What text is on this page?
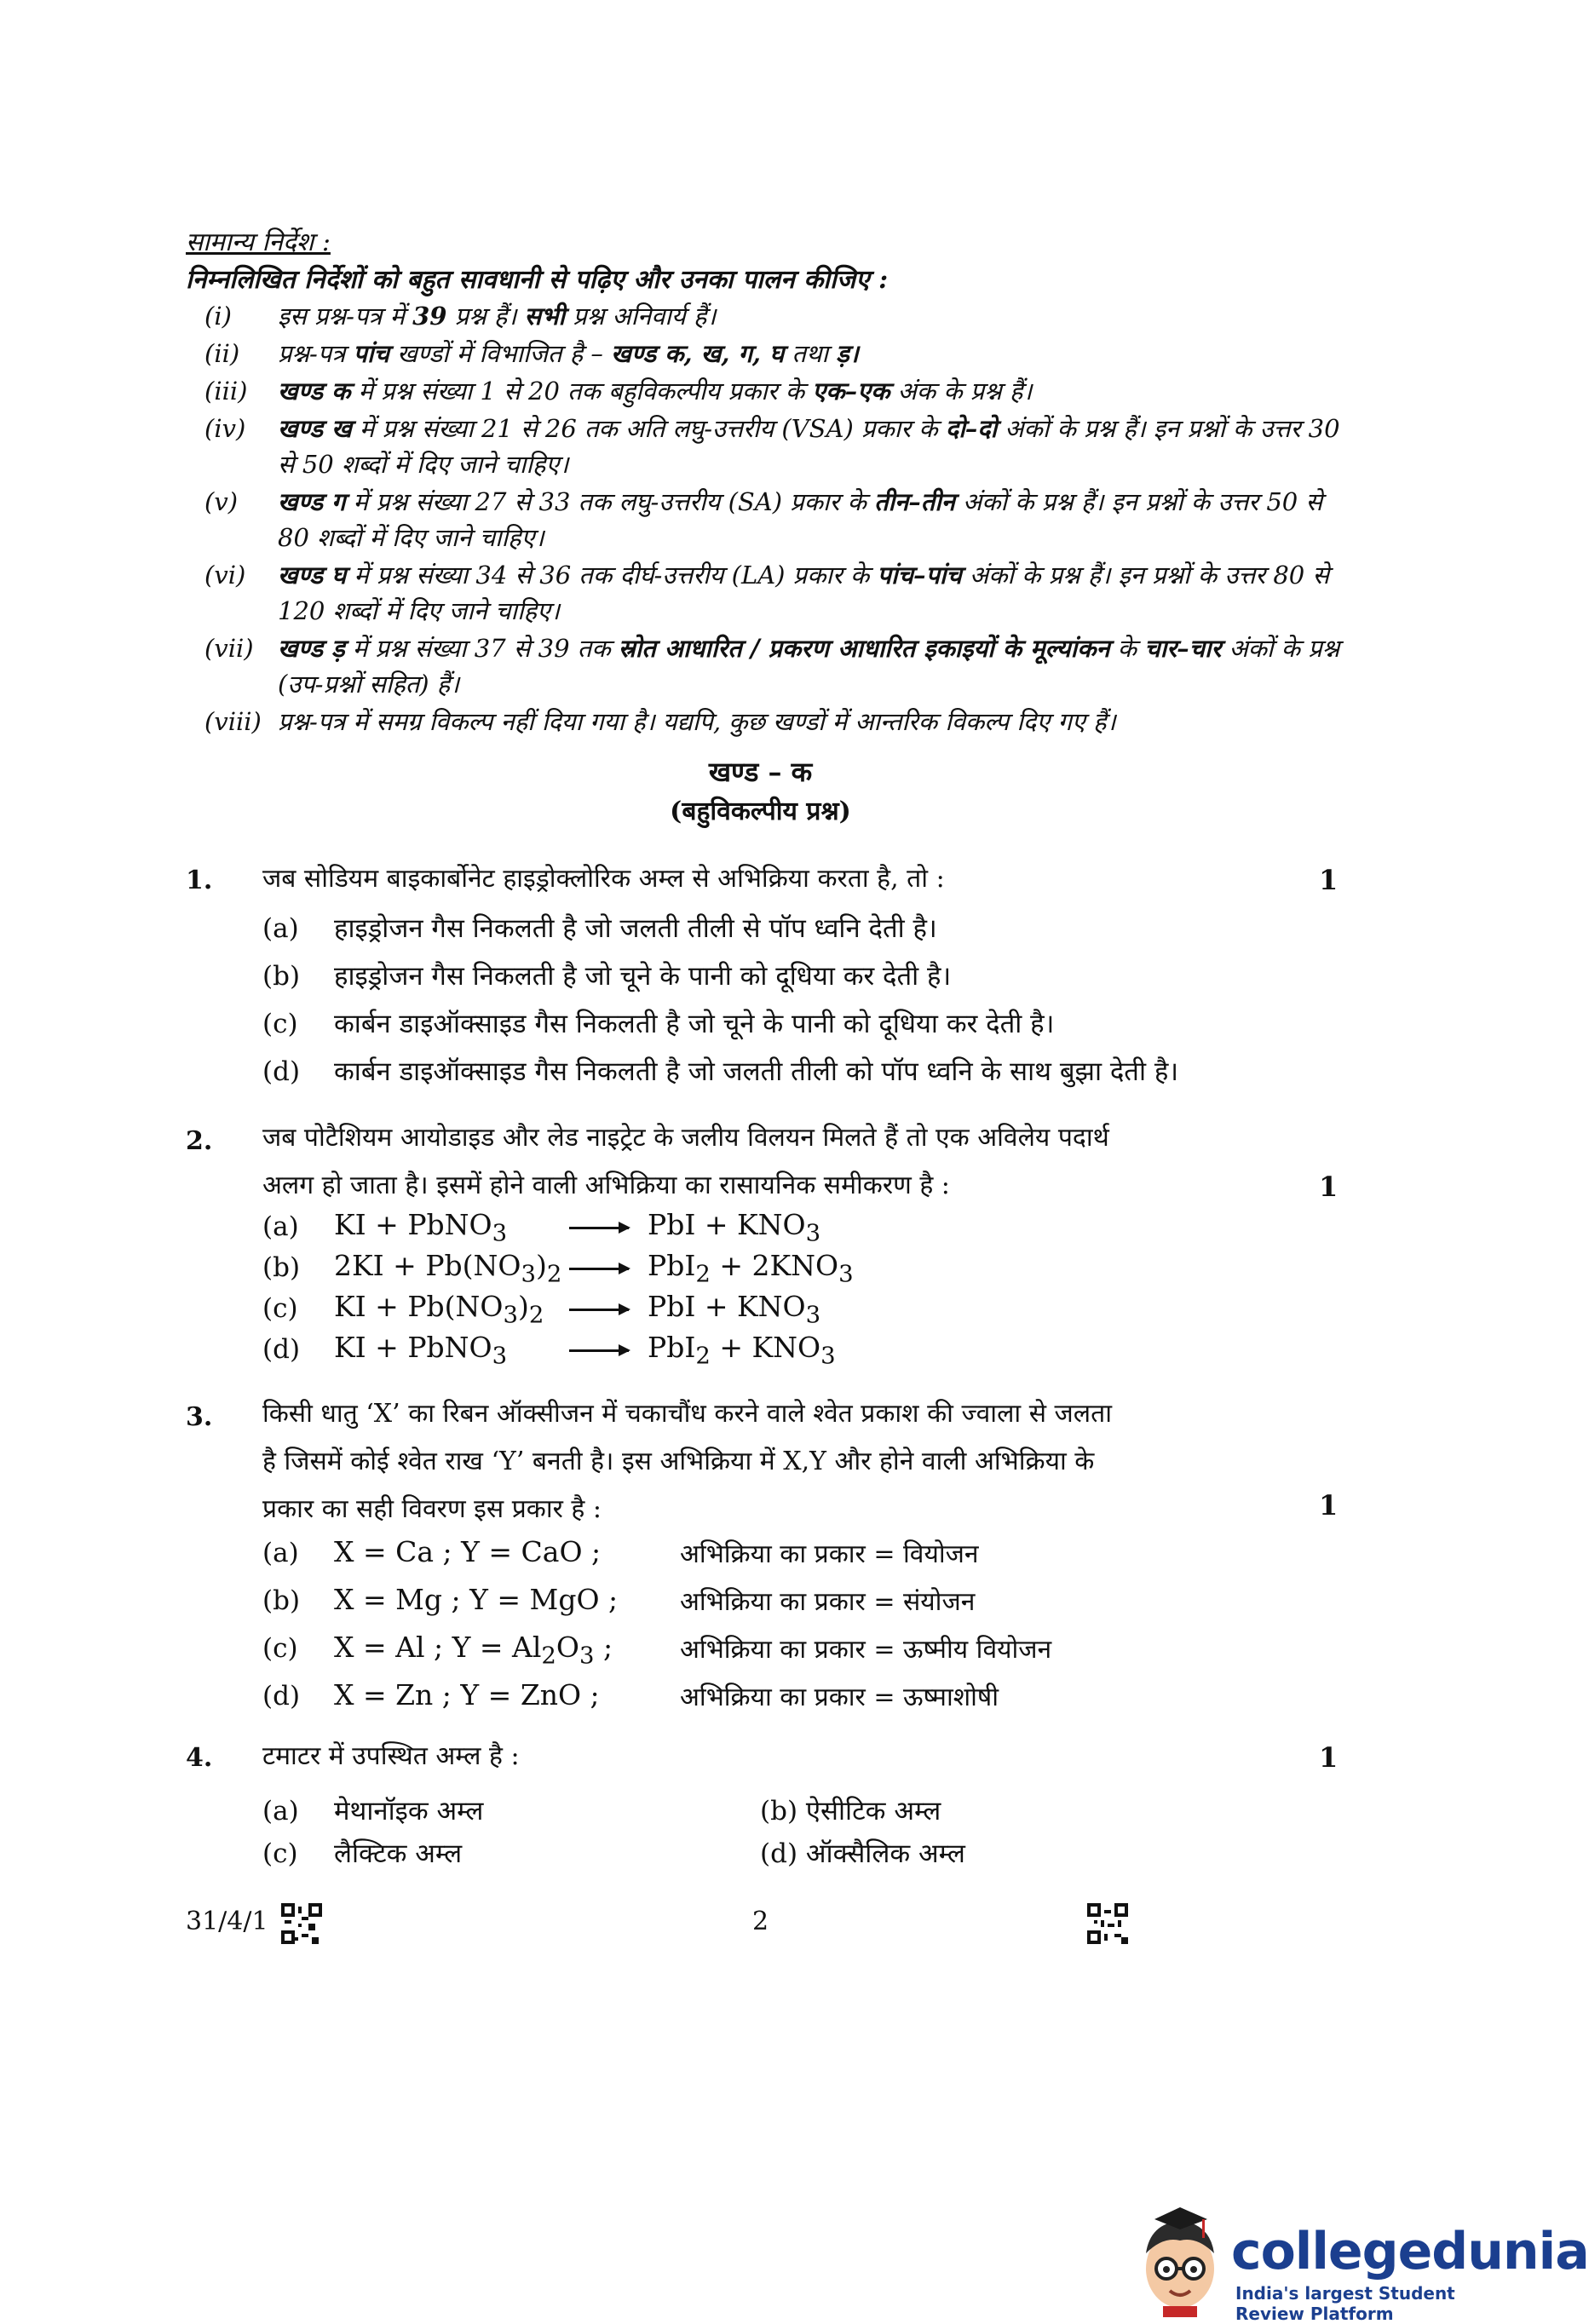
सामान्य निर्देश :
निम्नलिखित निर्देशों को बहुत सावधानी से पढ़िए और उनका पालन कीजिए :
(i)	इस प्रश्न-पत्र में 39 प्रश्न हैं। सभी प्रश्न अनिवार्य हैं।
(ii)	प्रश्न-पत्र पांच खण्डों में विभाजित है – खण्ड क, ख, ग, घ तथा ड़।
(iii)	खण्ड क में प्रश्न संख्या 1 से 20 तक बहुविकल्पीय प्रकार के एक–एक अंक के प्रश्न हैं।
(iv)	खण्ड ख में प्रश्न संख्या 21 से 26 तक अति लघु-उत्तरीय (VSA) प्रकार के दो–दो अंकों के प्रश्न हैं। इन प्रश्नों के उत्तर 30 से 50 शब्दों में दिए जाने चाहिए।
(v)	खण्ड ग में प्रश्न संख्या 27 से 33 तक लघु-उत्तरीय (SA) प्रकार के तीन–तीन अंकों के प्रश्न हैं। इन प्रश्नों के उत्तर 50 से 80 शब्दों में दिए जाने चाहिए।
(vi)	खण्ड घ में प्रश्न संख्या 34 से 36 तक दीर्घ-उत्तरीय (LA) प्रकार के पांच–पांच अंकों के प्रश्न हैं। इन प्रश्नों के उत्तर 80 से 120 शब्दों में दिए जाने चाहिए।
(vii) खण्ड ड़ में प्रश्न संख्या 37 से 39 तक स्रोत आधारित / प्रकरण आधारित इकाइयों के मूल्यांकन के चार–चार अंकों के प्रश्न (उप-प्रश्नों सहित) हैं।
(viii) प्रश्न-पत्र में समग्र विकल्प नहीं दिया गया है। यद्यपि, कुछ खण्डों में आन्तरिक विकल्प दिए गए हैं।
खण्ड – क
(बहुविकल्पीय प्रश्न)
1. जब सोडियम बाइकार्बोनेट हाइड्रोक्लोरिक अम्ल से अभिक्रिया करता है, तो :	1
(a) हाइड्रोजन गैस निकलती है जो जलती तीली से पॉप ध्वनि देती है।
(b) हाइड्रोजन गैस निकलती है जो चूने के पानी को दूधिया कर देती है।
(c) कार्बन डाइऑक्साइड गैस निकलती है जो चूने के पानी को दूधिया कर देती है।
(d) कार्बन डाइऑक्साइड गैस निकलती है जो जलती तीली को पॉप ध्वनि के साथ बुझा देती है।
2. जब पोटैशियम आयोडाइड और लेड नाइट्रेट के जलीय विलयन मिलते हैं तो एक अविलेय पदार्थ
अलग हो जाता है। इसमें होने वाली अभिक्रिया का रासायनिक समीकरण है :	1
(a)	KI + PbNO$_3$	PbI + $KNO_3$
(b)	$2KI + Pb(NO_3)_2$	$PbI_2 + 2KNO_3$
(c)	KI + $Pb(NO_3)_2$	PbI + $KNO_3$
(d)	KI + PbNO$_3$	$PbI_2 + KNO_3$
3. किसी धातु ‘X’ का रिबन ऑक्सीजन में चकाचौंध करने वाले श्वेत प्रकाश की ज्वाला से जलता
है जिसमें कोई श्वेत राख ‘Y’ बनती है। इस अभिक्रिया में X,Y और होने वाली अभिक्रिया के
प्रकार का सही विवरण इस प्रकार है :	1
(a) X = Ca ; Y = CaO ;	अभिक्रिया का प्रकार = वियोजन
(b) X = Mg ; Y = MgO ; अभिक्रिया का प्रकार = संयोजन
(c) X = Al ; $Y = Al_2O_3$ ;	अभिक्रिया का प्रकार = ऊष्मीय वियोजन
(d) X = Zn ; Y = ZnO ;	अभिक्रिया का प्रकार = ऊष्माशोषी
4. टमाटर में उपस्थित अम्ल है :	1
(a) मेथानॉइक अम्ल	(b) ऐसीटिक अम्ल
(c) लैक्टिक अम्ल	(d) ऑक्सैलिक अम्ल
31/4/1	2
collegedunia
India's largest Student Review Platform
